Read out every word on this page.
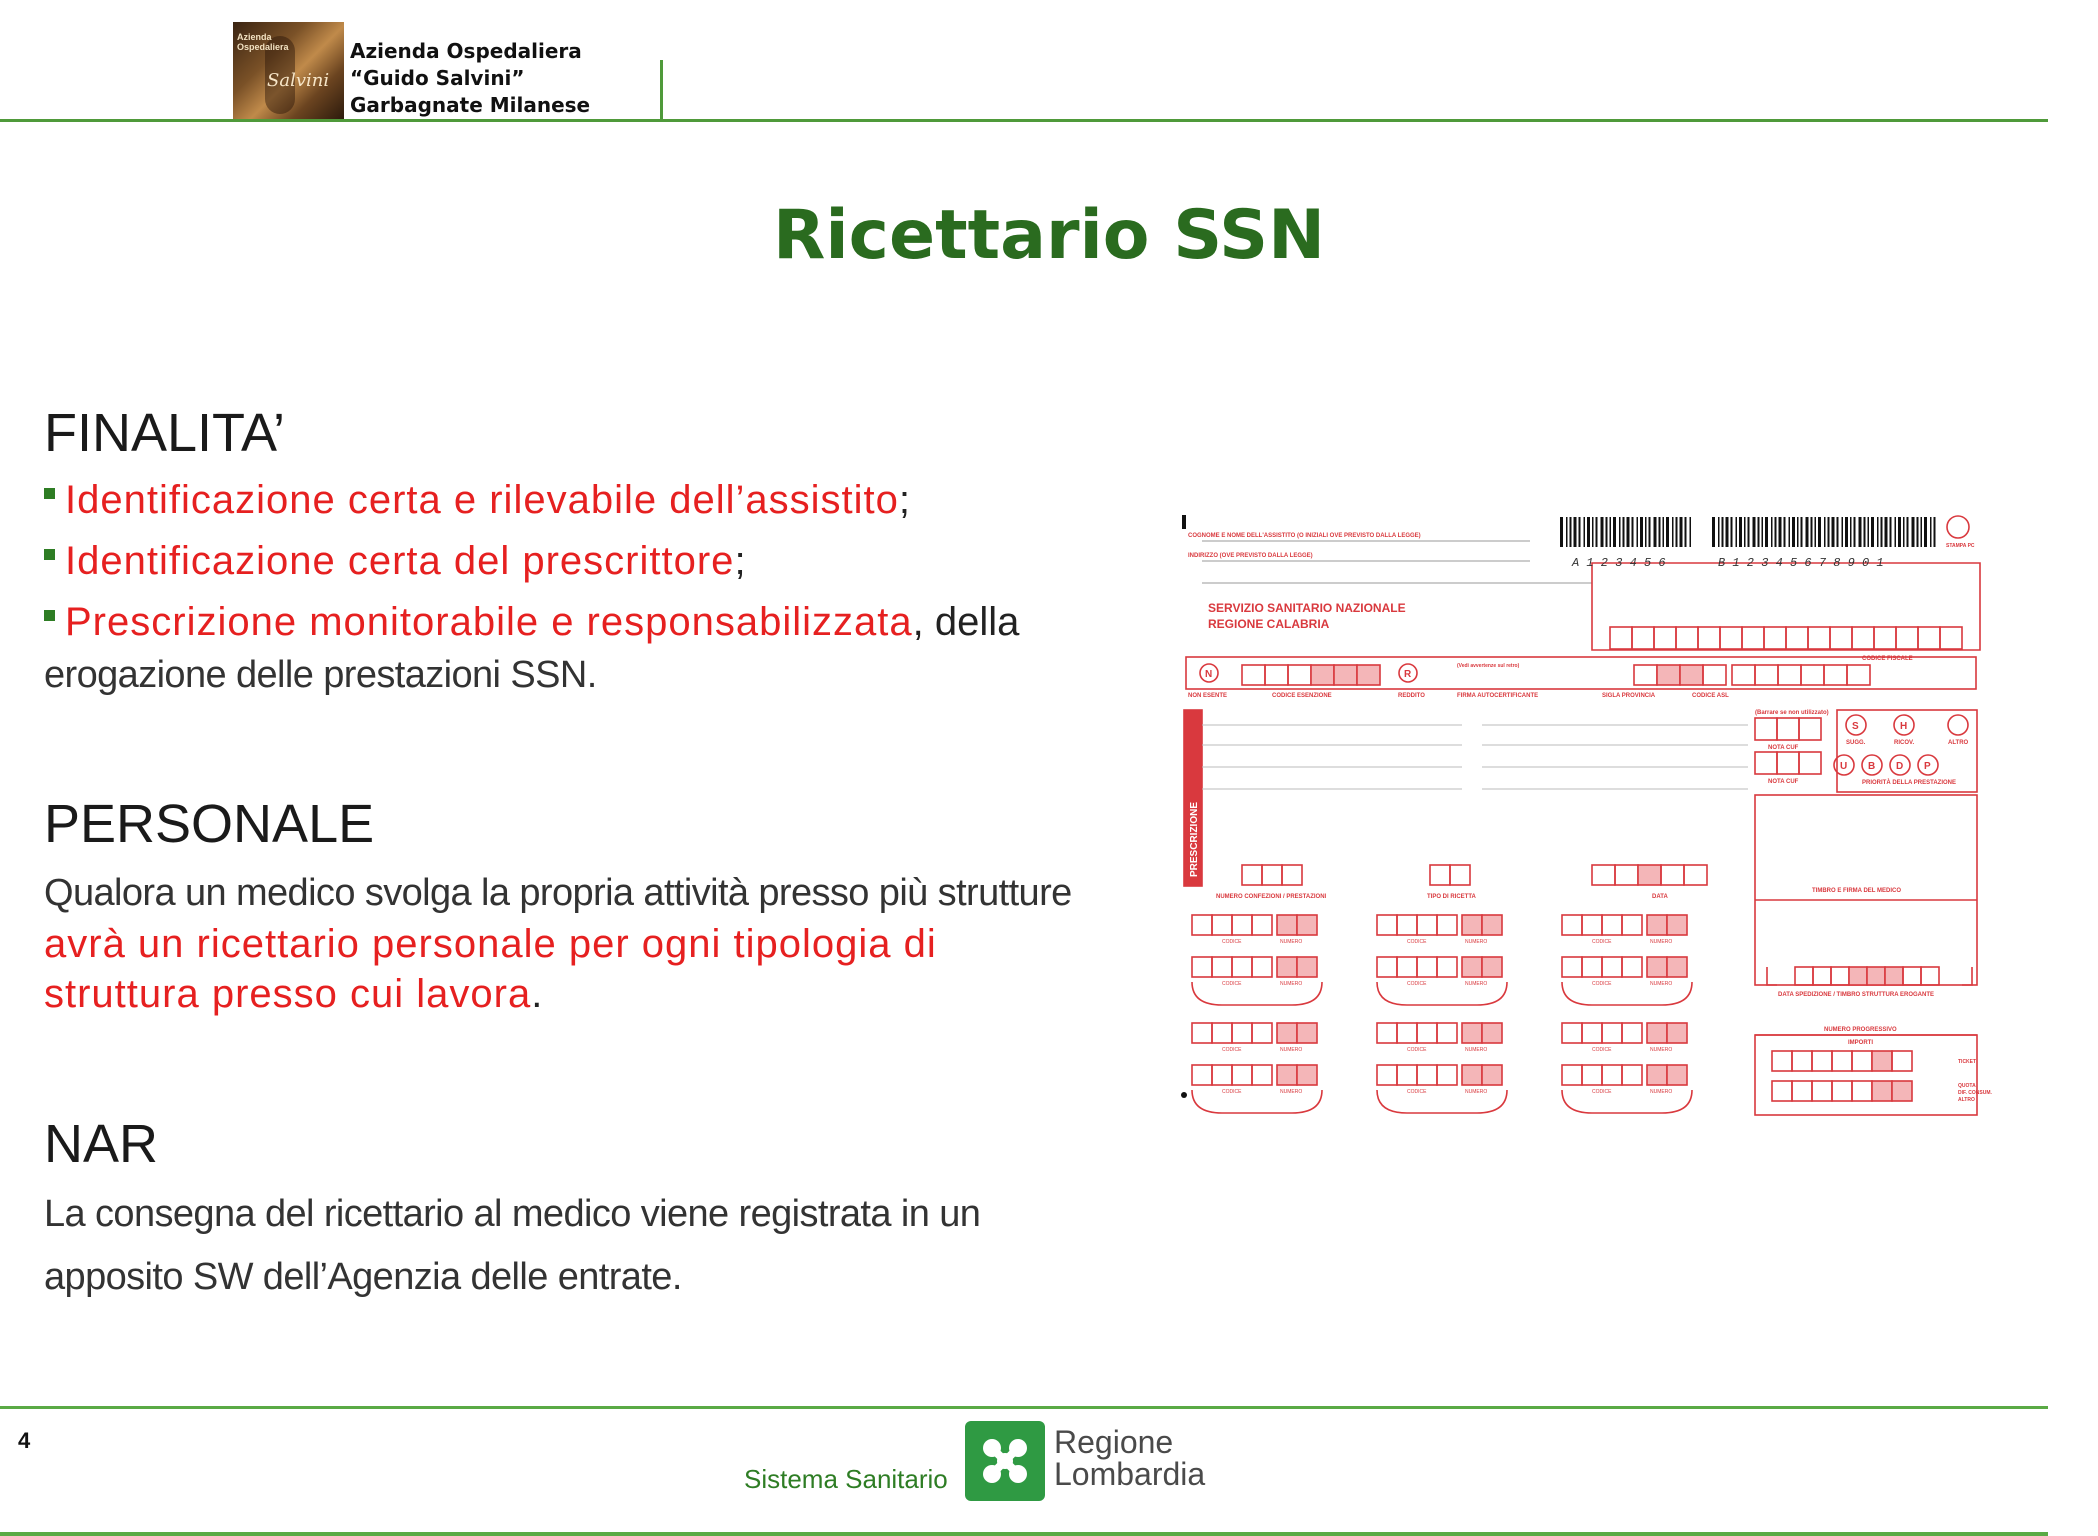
Azienda
Ospedaliera
Salvini
Azienda Ospedaliera
“Guido Salvini”
Garbagnate Milanese
Ricettario SSN
FINALITA’
Identificazione certa e rilevabile dell’assistito;
Identificazione certa del prescrittore;
Prescrizione monitorabile e responsabilizzata, della
erogazione delle prestazioni SSN.
PERSONALE
Qualora un medico svolga la propria attività presso più strutture
avrà un ricettario personale per ogni tipologia di
struttura presso cui lavora.
NAR
La consegna del ricettario al medico viene registrata in un
apposito SW dell’Agenzia delle entrate.
COGNOME E NOME DELL'ASSISTITO (O INIZIALI OVE PREVISTO DALLA LEGGE)
INDIRIZZO (OVE PREVISTO DALLA LEGGE)
SERVIZIO SANITARIO NAZIONALE
REGIONE CALABRIA
CODICE FISCALE
NON ESENTE	CODICE ESENZIONE	REDDITO
(Vedi avvertenze sul retro)
FIRMA AUTOCERTIFICANTE	SIGLA PROVINCIA	CODICE ASL
(Barrare se non utilizzato)
NOTA CUF
NOTA CUF
SUGG.	RICOV.	ALTRO
PRIORITÀ DELLA PRESTAZIONE
NUMERO CONFEZIONI / PRESTAZIONI	TIPO DI RICETTA	DATA
TIMBRO E FIRMA DEL MEDICO
DATA SPEDIZIONE / TIMBRO STRUTTURA EROGANTE
NUMERO PROGRESSIVO
IMPORTI
TICKET
QUOTA
DIF. CONSUM.
ALTRO
STAMPA PC
N	R
A 1 2 3 4 5 6	B 1 2 3 4 5 6 7 8 9 0 1
PRESCRIZIONE
S	H
U B D P
CODICE	NUMERO
CODICE	NUMERO
CODICE	NUMERO
CODICE	NUMERO
CODICE	NUMERO
CODICE	NUMERO
CODICE	NUMERO
CODICE	NUMERO
CODICE	NUMERO
CODICE	NUMERO
CODICE	NUMERO
CODICE	NUMERO
4
Sistema Sanitario
Regione
Lombardia
